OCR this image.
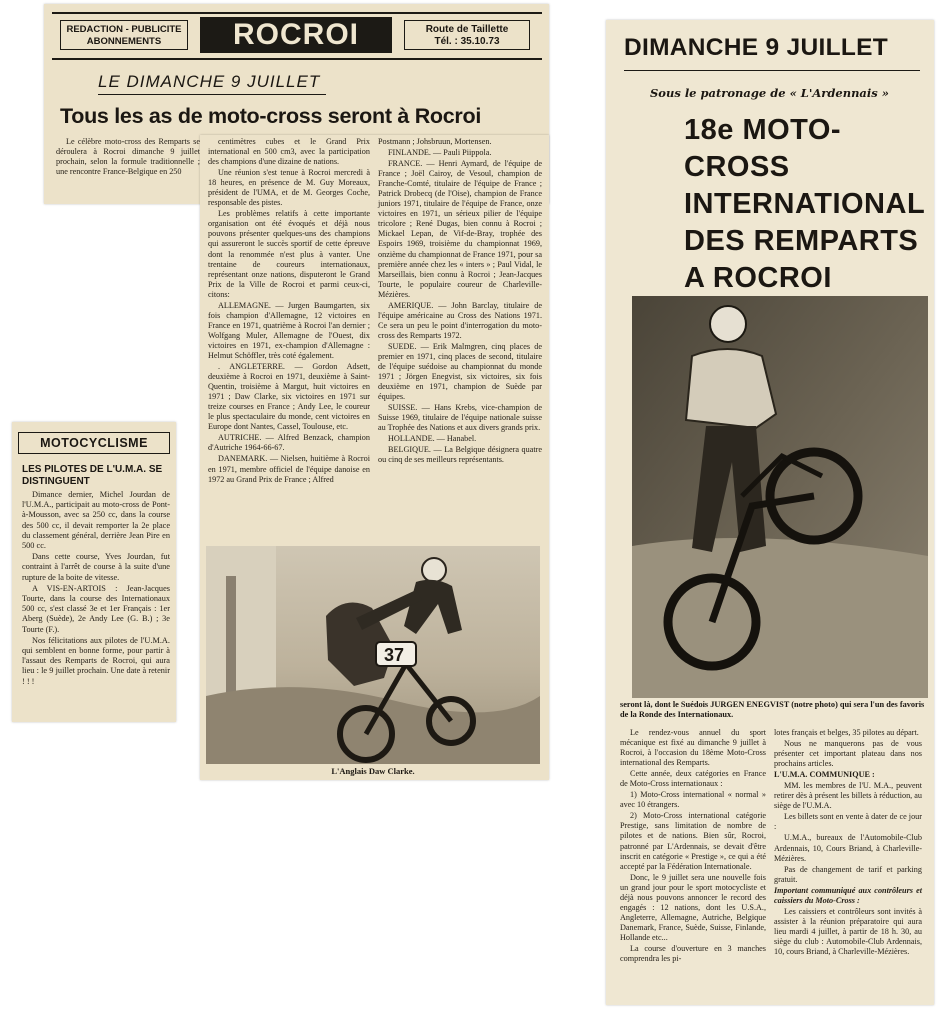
REDACTION - PUBLICITE
ABONNEMENTS	ROCROI	Route de Taillette
Tél. : 35.10.73
LE DIMANCHE 9 JUILLET
Tous les as de moto-cross seront à Rocroi

Le célèbre moto-cross des Remparts se déroulera à Rocroi dimanche 9 juillet prochain, selon la formule traditionnelle ; une rencontre France-Belgique en 250

centimètres cubes et le Grand Prix international en 500 cm3, avec la participation des champions d'une dizaine de nations.

Une réunion s'est tenue à Rocroi mercredi à 18 heures, en présence de M. Guy Moreaux, président de l'UMA, et de M. Georges Coche, responsable des pistes.

Les problèmes relatifs à cette importante organisation ont été évoqués et déjà nous pouvons présenter quelques-uns des champions qui assureront le succès sportif de cette épreuve dont la renommée n'est plus à vanter. Une trentaine de coureurs internationaux, représentant onze nations, disputeront le Grand Prix de la Ville de Rocroi et parmi ceux-ci, citons:

ALLEMAGNE. — Jurgen Baumgarten, six fois champion d'Allemagne, 12 victoires en France en 1971, quatrième à Rocroi l'an dernier ; Wolfgang Muler, Allemagne de l'Ouest, dix victoires en 1971, ex-champion d'Allemagne : Helmut Schöffler, très coté également.

. ANGLETERRE. — Gordon Adsett, deuxième à Rocroi en 1971, deuxième à Saint-Quentin, troisième à Margut, huit victoires en 1971 ; Daw Clarke, six victoires en 1971 sur treize courses en France ; Andy Lee, le coureur le plus spectaculaire du monde, cent victoires en Europe dont Nantes, Cassel, Toulouse, etc.

AUTRICHE. — Alfred Benzack, champion d'Autriche 1964-66-67.

DANEMARK. — Nielsen, huitième à Rocroi en 1971, membre officiel de l'équipe danoise en 1972 au Grand Prix de France ; Alfred

Postmann ; Johsbruun, Mortensen.

FINLANDE. — Pauli Piippola.

FRANCE. — Henri Aymard, de l'équipe de France ; Joël Cairoy, de Vesoul, champion de Franche-Comté, titulaire de l'équipe de France ; Patrick Drobecq (de l'Oise), champion de France juniors 1971, titulaire de l'équipe de France, onze victoires en 1971, un sérieux pilier de l'équipe tricolore ; René Dugas, bien connu à Rocroi ; Mickael Lepan, de Vif-de-Bray, trophée des Espoirs 1969, troisième du championnat 1969, onzième du championnat de France 1971, pour sa première année chez les « inters » ; Paul Vidal, le Marseillais, bien connu à Rocroi ; Jean-Jacques Tourte, le populaire coureur de Charleville-Mézières.

AMERIQUE. — John Barclay, titulaire de l'équipe américaine au Cross des Nations 1971. Ce sera un peu le point d'interrogation du moto-cross des Remparts 1972.

SUEDE. — Erik Malmgren, cinq places de premier en 1971, cinq places de second, titulaire de l'équipe suédoise au championnat du monde 1971 ; Jörgen Enegvist, six victoires, six fois deuxième en 1971, champion de Suède par équipes.

SUISSE. — Hans Krebs, vice-champion de Suisse 1969, titulaire de l'équipe nationale suisse au Trophée des Nations et aux divers grands prix.

HOLLANDE. — Hanabel.

BELGIQUE. — La Belgique désignera quatre ou cinq de ses meilleurs représentants.

37
L'Anglais Daw Clarke.
MOTOCYCLISME
LES PILOTES DE L'U.M.A. SE DISTINGUENT

Dimance dernier, Michel Jourdan de l'U.M.A., participait au moto-cross de Pont-à-Mousson, avec sa 250 cc, dans la course des 500 cc, il devait remporter la 2e place du classement général, derrière Jean Pire en 500 cc.

Dans cette course, Yves Jourdan, fut contraint à l'arrêt de course à la suite d'une rupture de la boite de vitesse.

A VIS-EN-ARTOIS : Jean-Jacques Tourte, dans la course des Internationaux 500 cc, s'est classé 3e et 1er Français : 1er Aberg (Suède), 2e Andy Lee (G. B.) ; 3e Tourte (F.).

Nos félicitations aux pilotes de l'U.M.A. qui semblent en bonne forme, pour partir à l'assaut des Remparts de Rocroi, qui aura lieu : le 9 juillet prochain. Une date à retenir ! ! !

DIMANCHE 9 JUILLET
Sous le patronage de « L'Ardennais »
18e MOTO-CROSS
INTERNATIONAL
DES REMPARTS
A ROCROI
seront là, dont le Suédois JURGEN ENEGVIST (notre photo) qui sera l'un des favoris de la Ronde des Internationaux.

Le rendez-vous annuel du sport mécanique est fixé au dimanche 9 juillet à Rocroi, à l'occasion du 18ème Moto-Cross international des Remparts.

Cette année, deux catégories en France de Moto-Cross internationaux :

1) Moto-Cross international « normal » avec 10 étrangers.

2) Moto-Cross international catégorie Prestige, sans limitation de nombre de pilotes et de nations. Bien sûr, Rocroi, patronné par L'Ardennais, se devait d'être inscrit en catégorie « Prestige », ce qui a été accepté par la Fédération Internationale.

Donc, le 9 juillet sera une nouvelle fois un grand jour pour le sport motocycliste et déjà nous pouvons annoncer le record des engagés : 12 nations, dont les U.S.A., Angleterre, Allemagne, Autriche, Belgique Danemark, France, Suède, Suisse, Finlande, Hollande etc...

La course d'ouverture en 3 manches comprendra les pi-

lotes français et belges, 35 pilotes au départ.

Nous ne manquerons pas de vous présenter cet important plateau dans nos prochains articles.

L'U.M.A. COMMUNIQUE :

MM. les membres de l'U. M.A., peuvent retirer dès à présent les billets à réduction, au siège de l'U.M.A.

Les billets sont en vente à dater de ce jour :

U.M.A., bureaux de l'Automobile-Club Ardennais, 10, Cours Briand, à Charleville-Mézières.

Pas de changement de tarif et parking gratuit.

Important communiqué aux contrôleurs et caissiers du Moto-Cross :

Les caissiers et contrôleurs sont invités à assister à la réunion préparatoire qui aura lieu mardi 4 juillet, à partir de 18 h. 30, au siège du club : Automobile-Club Ardennais, 10, cours Briand, à Charleville-Mézières.
